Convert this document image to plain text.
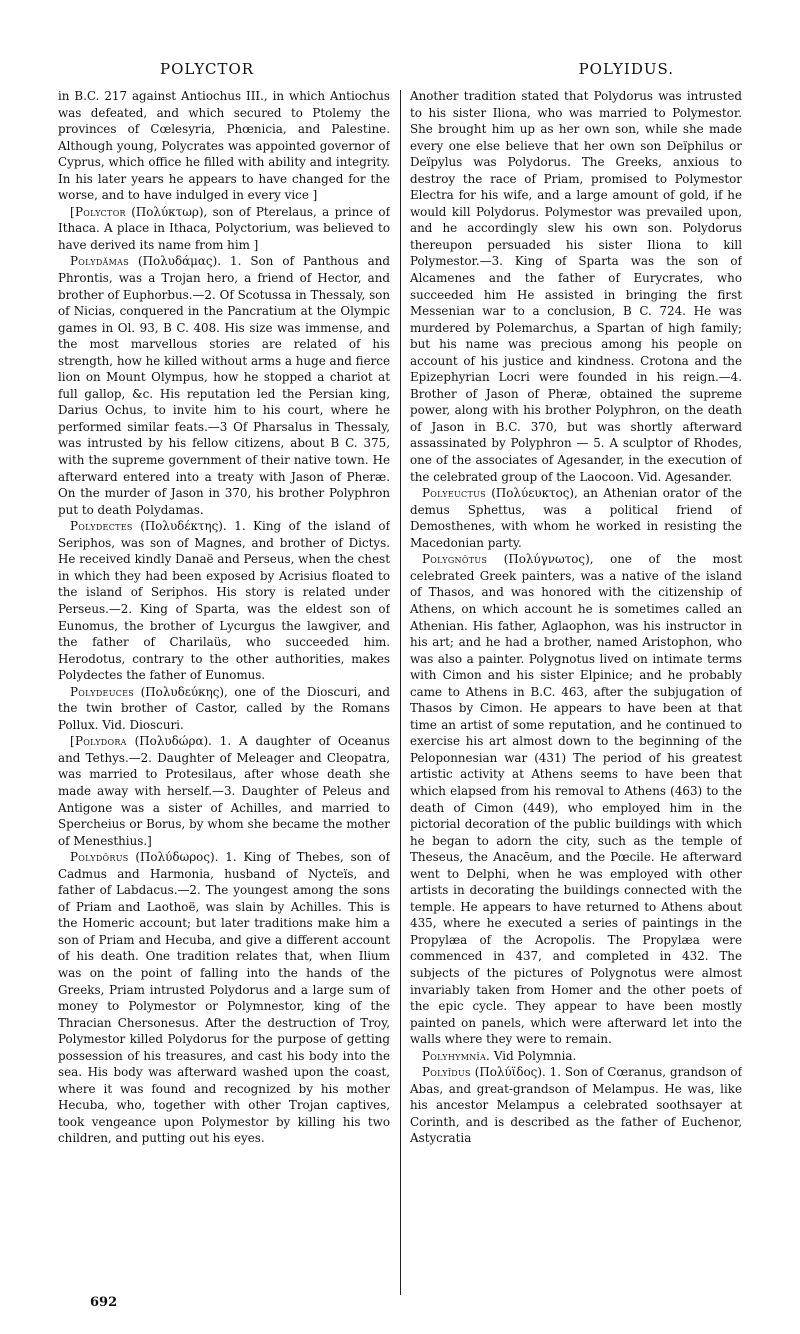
POLYCTOR	POLYIDUS.

in B.C. 217 against Antiochus III., in which Antiochus was defeated, and which secured to Ptolemy the provinces of Cœlesyria, Phœnicia, and Palestine. Although young, Polycrates was appointed governor of Cyprus, which office he filled with ability and integrity. In his later years he appears to have changed for the worse, and to have indulged in every vice ]

[Polyctor (Πολύκτωρ), son of Pterelaus, a prince of Ithaca. A place in Ithaca, Polyctorium, was believed to have derived its name from him ]

Polydămas (Πολυδάμας). 1. Son of Panthous and Phrontis, was a Trojan hero, a friend of Hector, and brother of Euphorbus.—2. Of Scotussa in Thessaly, son of Nicias, conquered in the Pancratium at the Olympic games in Ol. 93, B C. 408. His size was immense, and the most marvellous stories are related of his strength, how he killed without arms a huge and fierce lion on Mount Olympus, how he stopped a chariot at full gallop, &c. His reputation led the Persian king, Darius Ochus, to invite him to his court, where he performed similar feats.—3 Of Pharsalus in Thessaly, was intrusted by his fellow citizens, about B C. 375, with the supreme government of their native town. He afterward entered into a treaty with Jason of Pheræ. On the murder of Jason in 370, his brother Polyphron put to death Polydamas.

Polydectes (Πολυδέκτης). 1. King of the island of Seriphos, was son of Magnes, and brother of Dictys. He received kindly Danaë and Perseus, when the chest in which they had been exposed by Acrisius floated to the island of Seriphos. His story is related under Perseus.—2. King of Sparta, was the eldest son of Eunomus, the brother of Lycurgus the lawgiver, and the father of Charilaüs, who succeeded him. Herodotus, contrary to the other authorities, makes Polydectes the father of Eunomus.

Polydeuces (Πολυδεύκης), one of the Dioscuri, and the twin brother of Castor, called by the Romans Pollux. Vid. Dioscuri.

[Polydora (Πολυδώρα). 1. A daughter of Oceanus and Tethys.—2. Daughter of Meleager and Cleopatra, was married to Protesilaus, after whose death she made away with herself.—3. Daughter of Peleus and Antigone was a sister of Achilles, and married to Spercheius or Borus, by whom she became the mother of Menesthius.]

Polydōrus (Πολύδωρος). 1. King of Thebes, son of Cadmus and Harmonia, husband of Nycteïs, and father of Labdacus.—2. The youngest among the sons of Priam and Laothoë, was slain by Achilles. This is the Homeric account; but later traditions make him a son of Priam and Hecuba, and give a different account of his death. One tradition relates that, when Ilium was on the point of falling into the hands of the Greeks, Priam intrusted Polydorus and a large sum of money to Polymestor or Polymnestor, king of the Thracian Chersonesus. After the destruction of Troy, Polymestor killed Polydorus for the purpose of getting possession of his treasures, and cast his body into the sea. His body was afterward washed upon the coast, where it was found and recognized by his mother Hecuba, who, together with other Trojan captives, took vengeance upon Polymestor by killing his two children, and putting out his eyes.

Another tradition stated that Polydorus was intrusted to his sister Iliona, who was married to Polymestor. She brought him up as her own son, while she made every one else believe that her own son Deïphilus or Deïpylus was Polydorus. The Greeks, anxious to destroy the race of Priam, promised to Polymestor Electra for his wife, and a large amount of gold, if he would kill Polydorus. Polymestor was prevailed upon, and he accordingly slew his own son. Polydorus thereupon persuaded his sister Iliona to kill Polymestor.—3. King of Sparta was the son of Alcamenes and the father of Eurycrates, who succeeded him He assisted in bringing the first Messenian war to a conclusion, B C. 724. He was murdered by Polemarchus, a Spartan of high family; but his name was precious among his people on account of his justice and kindness. Crotona and the Epizephyrian Locri were founded in his reign.—4. Brother of Jason of Pheræ, obtained the supreme power, along with his brother Polyphron, on the death of Jason in B.C. 370, but was shortly afterward assassinated by Polyphron — 5. A sculptor of Rhodes, one of the associates of Agesander, in the execution of the celebrated group of the Laocoon. Vid. Agesander.

Polyeuctus (Πολύευκτος), an Athenian orator of the demus Sphettus, was a political friend of Demosthenes, with whom he worked in resisting the Macedonian party.

Polygnōtus (Πολύγνωτος), one of the most celebrated Greek painters, was a native of the island of Thasos, and was honored with the citizenship of Athens, on which account he is sometimes called an Athenian. His father, Aglaophon, was his instructor in his art; and he had a brother, named Aristophon, who was also a painter. Polygnotus lived on intimate terms with Cimon and his sister Elpinice; and he probably came to Athens in B.C. 463, after the subjugation of Thasos by Cimon. He appears to have been at that time an artist of some reputation, and he continued to exercise his art almost down to the beginning of the Peloponnesian war (431) The period of his greatest artistic activity at Athens seems to have been that which elapsed from his removal to Athens (463) to the death of Cimon (449), who employed him in the pictorial decoration of the public buildings with which he began to adorn the city, such as the temple of Theseus, the Anacēum, and the Pœcile. He afterward went to Delphi, when he was employed with other artists in decorating the buildings connected with the temple. He appears to have returned to Athens about 435, where he executed a series of paintings in the Propylæa of the Acropolis. The Propylæa were commenced in 437, and completed in 432. The subjects of the pictures of Polygnotus were almost invariably taken from Homer and the other poets of the epic cycle. They appear to have been mostly painted on panels, which were afterward let into the walls where they were to remain.

Polyhymnĭa. Vid Polymnia.

Polyīdus (Πολύϊδος). 1. Son of Cœranus, grandson of Abas, and great-grandson of Melampus. He was, like his ancestor Melampus a celebrated soothsayer at Corinth, and is described as the father of Euchenor, Astycratia

692
